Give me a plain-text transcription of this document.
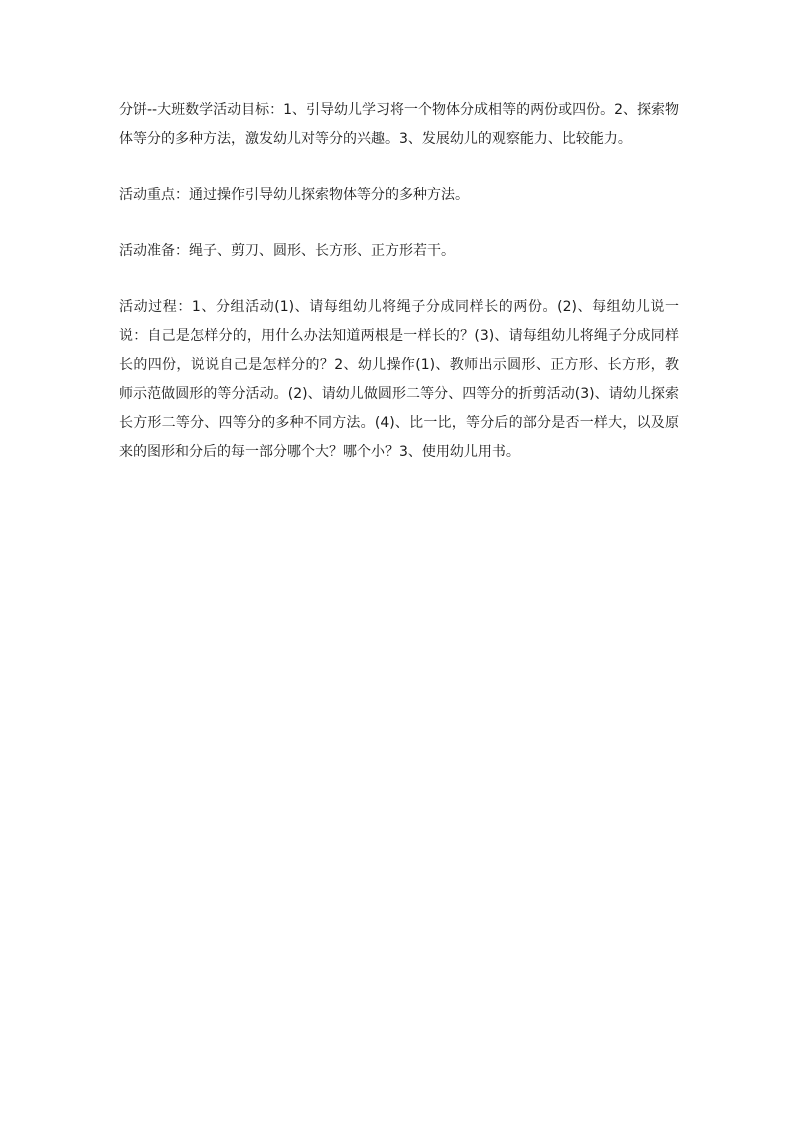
分饼--大班数学活动目标：1、引导幼儿学习将一个物体分成相等的两份或四份。2、探索物体等分的多种方法，激发幼儿对等分的兴趣。3、发展幼儿的观察能力、比较能力。

活动重点：通过操作引导幼儿探索物体等分的多种方法。

活动准备：绳子、剪刀、圆形、长方形、正方形若干。

活动过程：1、分组活动(1)、请每组幼儿将绳子分成同样长的两份。(2)、每组幼儿说一说：自己是怎样分的，用什么办法知道两根是一样长的？(3)、请每组幼儿将绳子分成同样长的四份，说说自己是怎样分的？2、幼儿操作(1)、教师出示圆形、正方形、长方形，教师示范做圆形的等分活动。(2)、请幼儿做圆形二等分、四等分的折剪活动(3)、请幼儿探索长方形二等分、四等分的多种不同方法。(4)、比一比，等分后的部分是否一样大，以及原来的图形和分后的每一部分哪个大？哪个小？3、使用幼儿用书。
